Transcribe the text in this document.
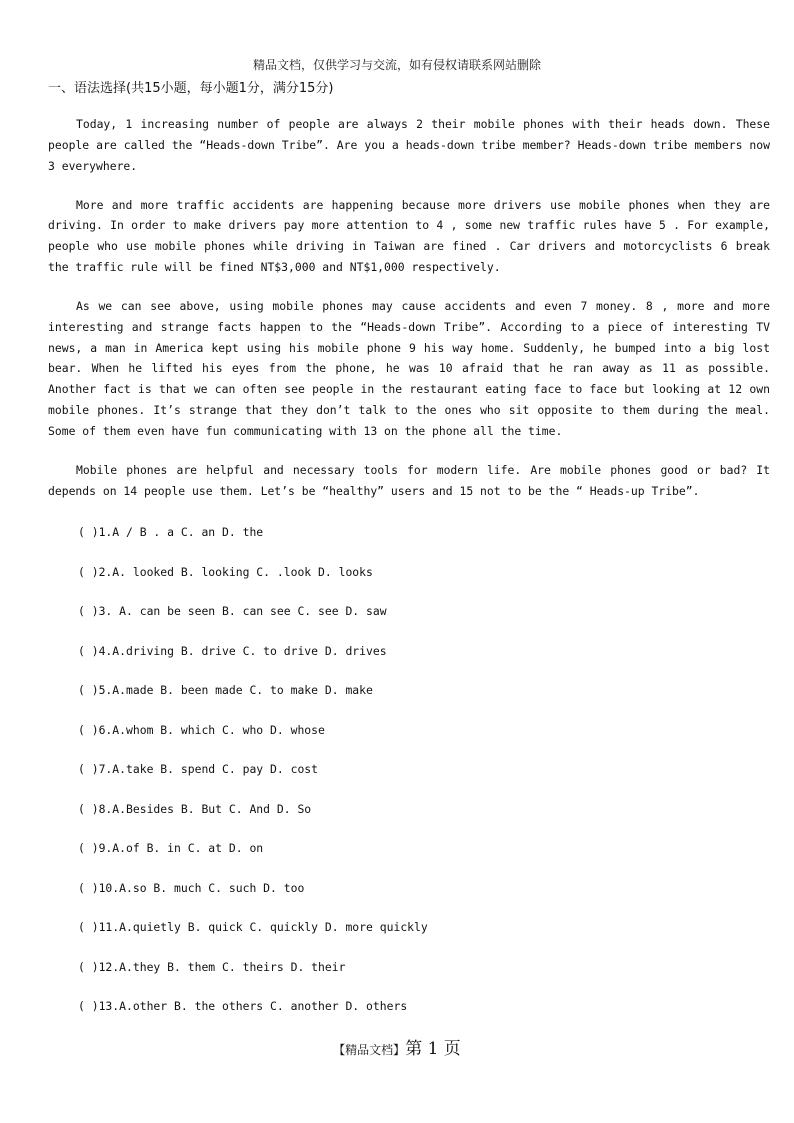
精品文档，仅供学习与交流，如有侵权请联系网站删除
一、语法选择(共15小题，每小题1分，满分15分)

Today, 1 increasing number of people are always 2 their mobile phones with their heads down. These people are called the “Heads-down Tribe”. Are you a heads-down tribe member? Heads-down tribe members now 3 everywhere.

More and more traffic accidents are happening because more drivers use mobile phones when they are driving. In order to make drivers pay more attention to 4 , some new traffic rules have 5 . For example, people who use mobile phones while driving in Taiwan are fined . Car drivers and motorcyclists 6 break the traffic rule will be fined NT$3,000 and NT$1,000 respectively.

As we can see above, using mobile phones may cause accidents and even 7 money. 8 , more and more interesting and strange facts happen to the “Heads-down Tribe”. According to a piece of interesting TV news, a man in America kept using his mobile phone 9 his way home. Suddenly, he bumped into a big lost bear. When he lifted his eyes from the phone, he was 10 afraid that he ran away as 11 as possible. Another fact is that we can often see people in the restaurant eating face to face but looking at 12 own mobile phones. It’s strange that they don’t talk to the ones who sit opposite to them during the meal. Some of them even have fun communicating with 13 on the phone all the time.

Mobile phones are helpful and necessary tools for modern life. Are mobile phones good or bad? It depends on 14 people use them. Let’s be “healthy” users and 15 not to be the “ Heads-up Tribe”.

( )1.A / B . a C. an D. the
( )2.A. looked B. looking C. .look D. looks
( )3. A. can be seen B. can see C. see D. saw
( )4.A.driving B. drive C. to drive D. drives
( )5.A.made B. been made C. to make D. make
( )6.A.whom B. which C. who D. whose
( )7.A.take B. spend C. pay D. cost
( )8.A.Besides B. But C. And D. So
( )9.A.of B. in C. at D. on
( )10.A.so B. much C. such D. too
( )11.A.quietly B. quick C. quickly D. more quickly
( )12.A.they B. them C. theirs D. their
( )13.A.other B. the others C. another D. others
【精品文档】第 1 页
